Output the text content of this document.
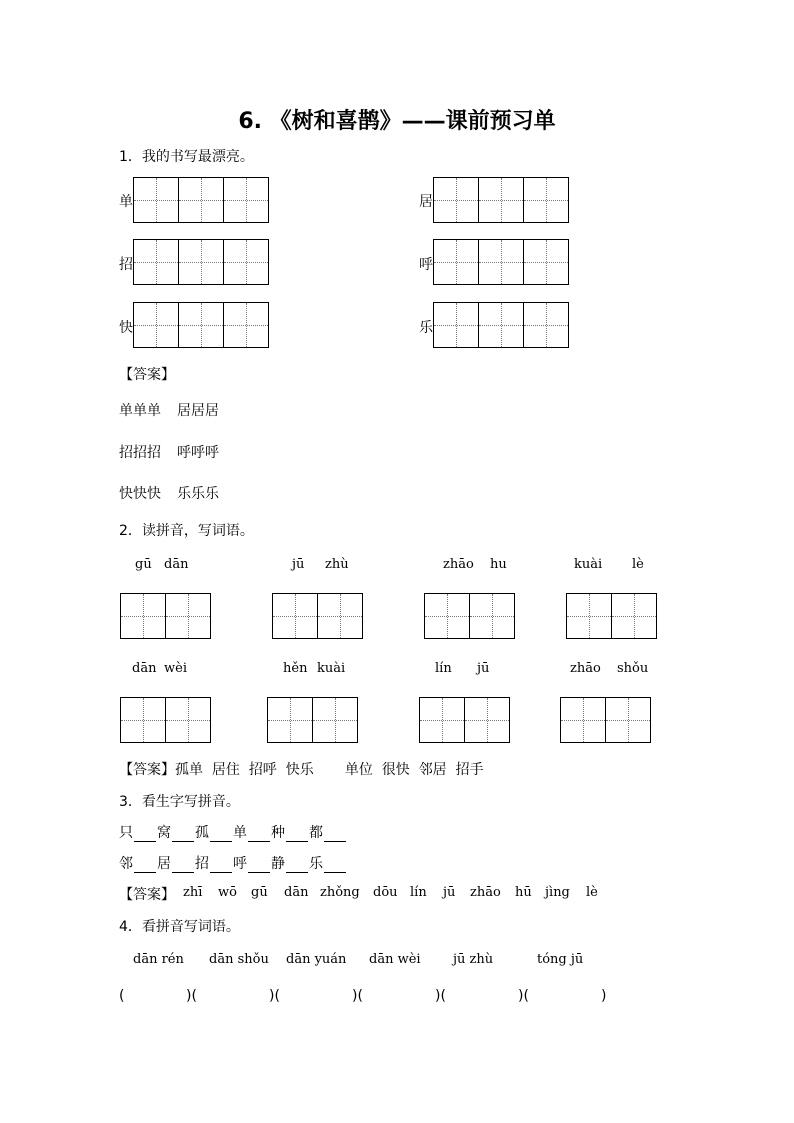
6. 《树和喜鹊》——课前预习单
1．我的书写最漂亮。
单	居
招	呼
快	乐
【答案】
单单单 居居居
招招招 呼呼呼
快快快 乐乐乐
2．读拼音，写词语。
gū dān	jū zhù	zhāo hu	kuài lè
dān wèi	hěn kuài	lín jū	zhāo shǒu
【答案】孤单 居住 招呼 快乐 单位 很快 邻居 招手
3．看生字写拼音。
只 窝 孤 单 种 都
邻 居 招 呼 静 乐
【答案】 zhī wō gū dān zhǒng dōu lín jū zhāo hū jìng lè
4．看拼音写词语。
dān rén dān shǒu dān yuán dān wèi jū zhù	tóng jū
(	)(	)(	)(	)(	)(	)
